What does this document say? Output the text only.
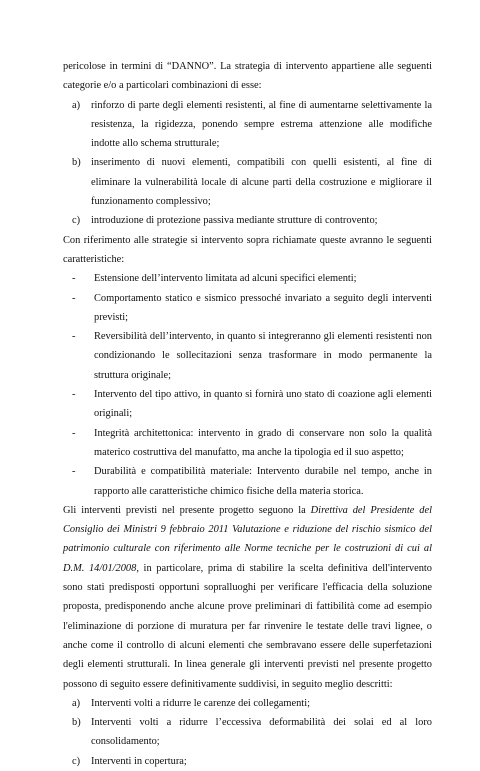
pericolose in termini di “DANNO”. La strategia di intervento appartiene alle seguenti categorie e/o a particolari combinazioni di esse:

a) rinforzo di parte degli elementi resistenti, al fine di aumentarne selettivamente la resistenza, la rigidezza, ponendo sempre estrema attenzione alle modifiche indotte allo schema strutturale;
b) inserimento di nuovi elementi, compatibili con quelli esistenti, al fine di eliminare la vulnerabilità locale di alcune parti della costruzione e migliorare il funzionamento complessivo;
c) introduzione di protezione passiva mediante strutture di controvento;

Con riferimento alle strategie si intervento sopra richiamate queste avranno le seguenti caratteristiche:

- Estensione dell’intervento limitata ad alcuni specifici elementi;
- Comportamento statico e sismico pressoché invariato a seguito degli interventi previsti;
- Reversibilità dell’intervento, in quanto si integreranno gli elementi resistenti non condizionando le sollecitazioni senza trasformare in modo permanente la struttura originale;
- Intervento del tipo attivo, in quanto si fornirà uno stato di coazione agli elementi originali;
- Integrità architettonica: intervento in grado di conservare non solo la qualità materico costruttiva del manufatto, ma anche la tipologia ed il suo aspetto;
- Durabilità e compatibilità materiale: Intervento durabile nel tempo, anche in rapporto alle caratteristiche chimico fisiche della materia storica.

Gli interventi previsti nel presente progetto seguono la Direttiva del Presidente del Consiglio dei Ministri 9 febbraio 2011 Valutazione e riduzione del rischio sismico del patrimonio culturale con riferimento alle Norme tecniche per le costruzioni di cui al D.M. 14/01/2008, in particolare, prima di stabilire la scelta definitiva dell'intervento sono stati predisposti opportuni sopralluoghi per verificare l'efficacia della soluzione proposta, predisponendo anche alcune prove preliminari di fattibilità come ad esempio l'eliminazione di porzione di muratura per far rinvenire le testate delle travi lignee, o anche come il controllo di alcuni elementi che sembravano essere delle superfetazioni degli elementi strutturali. In linea generale gli interventi previsti nel presente progetto possono di seguito essere definitivamente suddivisi, in seguito meglio descritti:

a) Interventi volti a ridurre le carenze dei collegamenti;
b) Interventi volti a ridurre l’eccessiva deformabilità dei solai ed al loro consolidamento;
c) Interventi in copertura;
